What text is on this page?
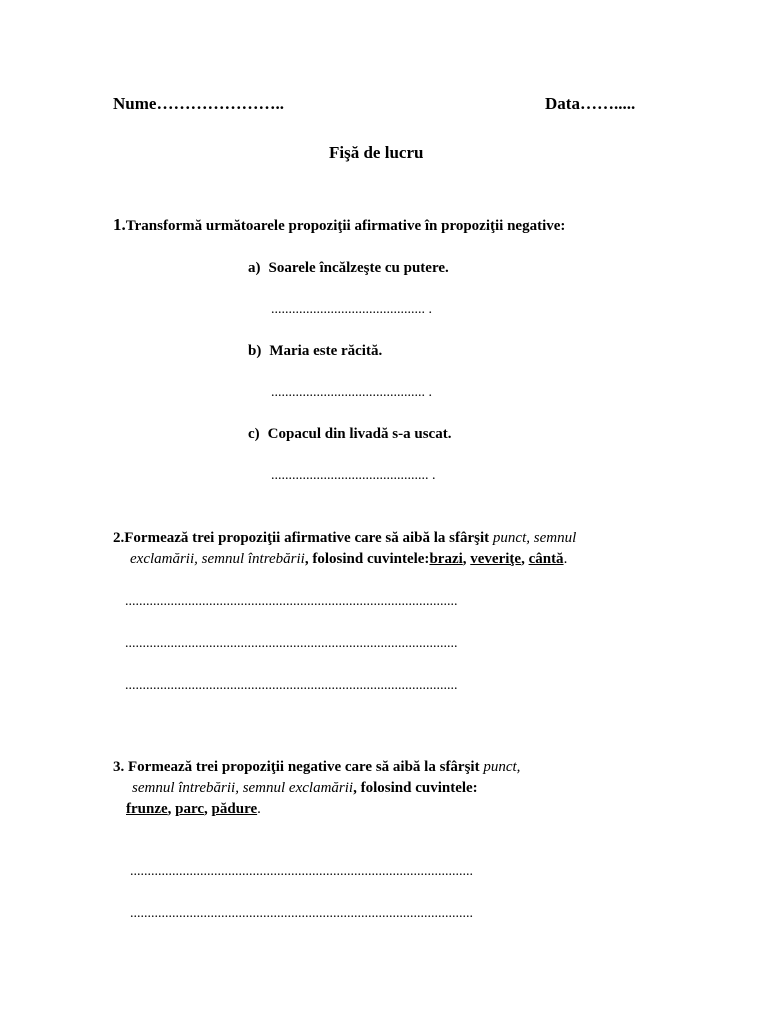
Nume…………………..	Data…….....
Fişă de lucru
1.Transformă următoarele propoziţii afirmative în propoziţii negative:
a) Soarele încălzeşte cu putere.
............................................ .
b) Maria este răcită.
............................................ .
c) Copacul din livadă s-a uscat.
............................................. .
2.Formează trei propoziţii afirmative care să aibă la sfârşit punct, semnul
exclamării, semnul întrebării, folosind cuvintele:brazi, veveriţe, cântă.
...............................................................................................
...............................................................................................
...............................................................................................
3. Formează trei propoziţii negative care să aibă la sfârşit punct,
semnul întrebării, semnul exclamării, folosind cuvintele:
frunze, parc, pădure.
..................................................................................................
..................................................................................................
